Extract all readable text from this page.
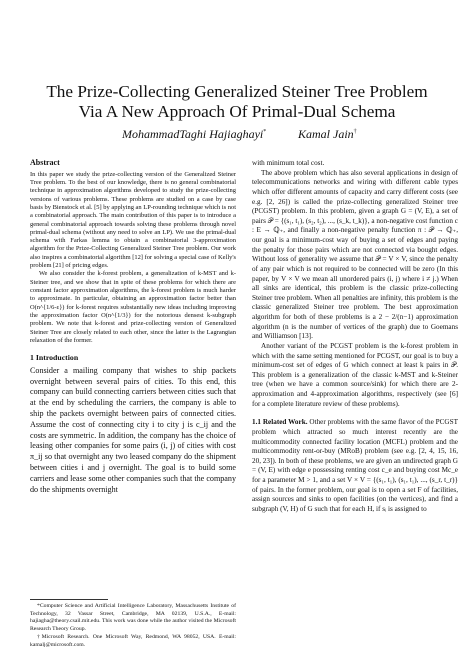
The Prize-Collecting Generalized Steiner Tree Problem
Via A New Approach Of Primal-Dual Schema
MohammadTaghi Hajiaghayi*	Kamal Jain†
Abstract

In this paper we study the prize-collecting version of the Generalized Steiner Tree problem. To the best of our knowledge, there is no general combinatorial technique in approximation algorithms developed to study the prize-collecting versions of various problems. These problems are studied on a case by case basis by Bienstock et al. [5] by applying an LP-rounding technique which is not a combinatorial approach. The main contribution of this paper is to introduce a general combinatorial approach towards solving these problems through novel primal-dual schema (without any need to solve an LP). We use the primal-dual schema with Farkas lemma to obtain a combinatorial 3-approximation algorithm for the Prize-Collecting Generalized Steiner Tree problem. Our work also inspires a combinatorial algorithm [12] for solving a special case of Kelly's problem [21] of pricing edges.

We also consider the k-forest problem, a generalization of k-MST and k-Steiner tree, and we show that in spite of these problems for which there are constant factor approximation algorithms, the k-forest problem is much harder to approximate. In particular, obtaining an approximation factor better than O(n^{1/6-ε}) for k-forest requires substantially new ideas including improving the approximation factor O(n^{1/3}) for the notorious densest k-subgraph problem. We note that k-forest and prize-collecting version of Generalized Steiner Tree are closely related to each other, since the latter is the Lagrangian relaxation of the former.

1 Introduction

Consider a mailing company that wishes to ship packets overnight between several pairs of cities. To this end, this company can build connecting carriers between cities such that at the end by scheduling the carriers, the company is able to ship the packets overnight between pairs of connected cities. Assume the cost of connecting city i to city j is c_ij and the costs are symmetric. In addition, the company has the choice of leasing other companies for some pairs (i, j) of cities with cost π_ij so that overnight any two leased company do the shipment between cities i and j overnight. The goal is to build some carriers and lease some other companies such that the company do the shipments overnight

*Computer Science and Artificial Intelligence Laboratory, Massachusetts Institute of Technology, 32 Vassar Street, Cambridge, MA 02139, U.S.A., E-mail: hajiagha@theory.csail.mit.edu. This work was done while the author visited the Microsoft Research Theory Group.

†Microsoft Research. One Microsoft Way, Redmond, WA 98052, USA. E-mail: kamalj@microsoft.com.

with minimum total cost.

The above problem which has also several applications in design of telecommunications networks and wiring with different cable types which offer different amounts of capacity and carry different costs (see e.g. [2, 26]) is called the prize-collecting generalized Steiner tree (PCGST) problem. In this problem, given a graph G = (V, E), a set of pairs 𝒫 = {(s₁, t₁), (s₂, t₂), ..., (s_k, t_k)}, a non-negative cost function c : E → ℚ₊, and finally a non-negative penalty function π : 𝒫 → ℚ₊, our goal is a minimum-cost way of buying a set of edges and paying the penalty for those pairs which are not connected via bought edges. Without loss of generality we assume that 𝒫 = V × V, since the penalty of any pair which is not required to be connected will be zero (In this paper, by V × V we mean all unordered pairs (i, j) where i ≠ j.) When all sinks are identical, this problem is the classic prize-collecting Steiner tree problem. When all penalties are infinity, this problem is the classic generalized Steiner tree problem. The best approximation algorithm for both of these problems is a 2 − 2/(n−1) approximation algorithm (n is the number of vertices of the graph) due to Goemans and Williamson [13].

Another variant of the PCGST problem is the k-forest problem in which with the same setting mentioned for PCGST, our goal is to buy a minimum-cost set of edges of G which connect at least k pairs in 𝒫. This problem is a generalization of the classic k-MST and k-Steiner tree (when we have a common source/sink) for which there are 2-approximation and 4-approximation algorithms, respectively (see [6] for a complete literature review of these problems).

1.1 Related Work. Other problems with the same flavor of the PCGST problem which attracted so much interest recently are the multicommodity connected facility location (MCFL) problem and the multicommodity rent-or-buy (MRoB) problem (see e.g. [2, 4, 15, 16, 20, 23]). In both of these problems, we are given an undirected graph G = (V, E) with edge e possessing renting cost c_e and buying cost Mc_e for a parameter M > 1, and a set V × V = {(s₁, t₁), (s₁, t₁), ..., (s_r, t_r)} of pairs. In the former problem, our goal is to open a set F of facilities, assign sources and sinks to open facilities (on the vertices), and find a subgraph (V, H) of G such that for each H, if sᵢ is assigned to
